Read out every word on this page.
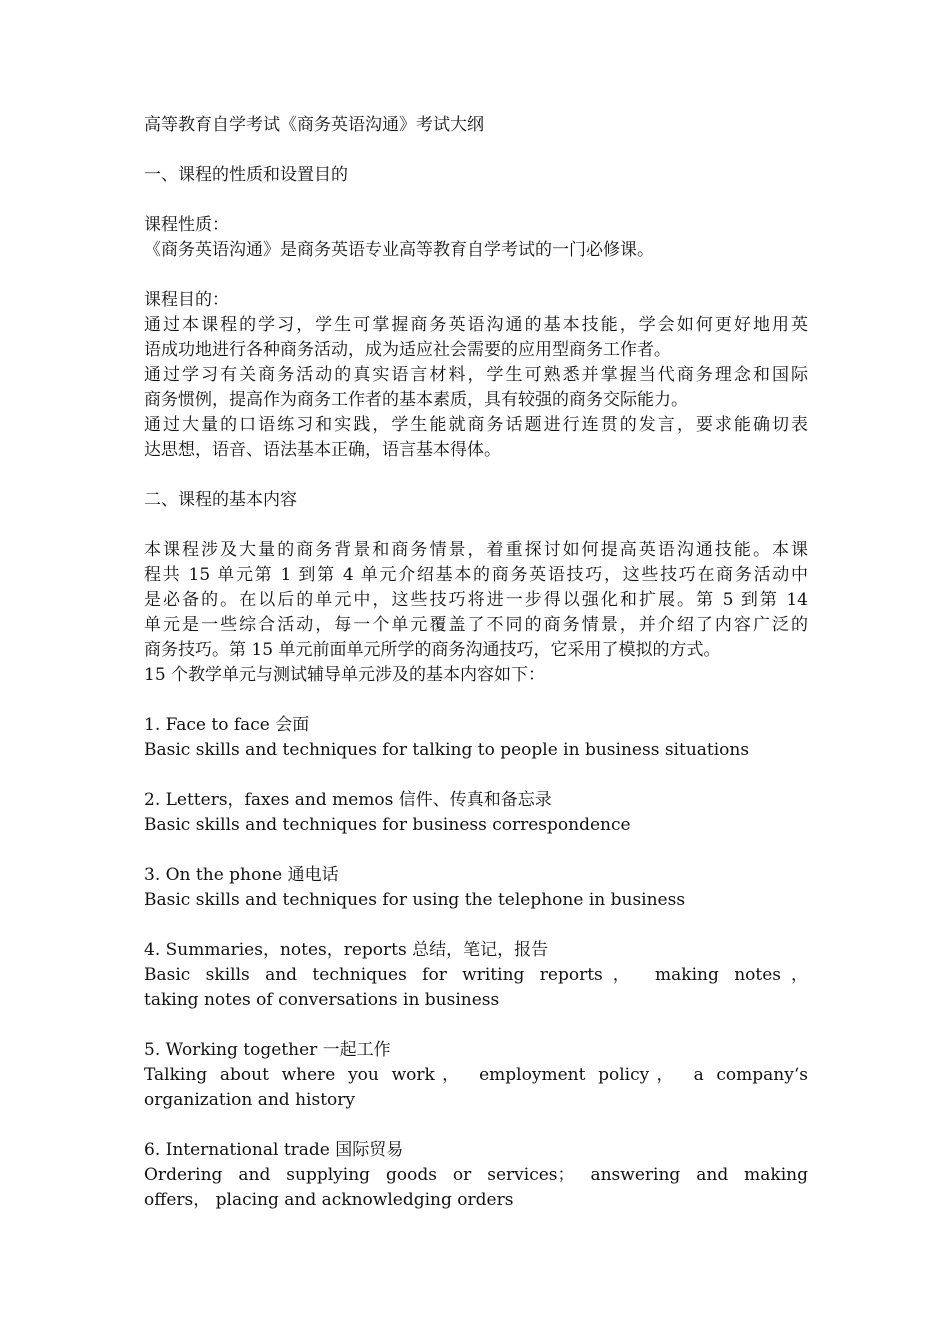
高等教育自学考试《商务英语沟通》考试大纲
一、课程的性质和设置目的
课程性质：
《商务英语沟通》是商务英语专业高等教育自学考试的一门必修课。
课程目的：
通过本课程的学习，学生可掌握商务英语沟通的基本技能，学会如何更好地用英
语成功地进行各种商务活动，成为适应社会需要的应用型商务工作者。
通过学习有关商务活动的真实语言材料，学生可熟悉并掌握当代商务理念和国际
商务惯例，提高作为商务工作者的基本素质，具有较强的商务交际能力。
通过大量的口语练习和实践，学生能就商务话题进行连贯的发言，要求能确切表
达思想，语音、语法基本正确，语言基本得体。
二、课程的基本内容
本课程涉及大量的商务背景和商务情景，着重探讨如何提高英语沟通技能。本课
程共 15 单元第 1 到第 4 单元介绍基本的商务英语技巧，这些技巧在商务活动中
是必备的。在以后的单元中，这些技巧将进一步得以强化和扩展。第 5 到第 14
单元是一些综合活动，每一个单元覆盖了不同的商务情景，并介绍了内容广泛的
商务技巧。第 15 单元前面单元所学的商务沟通技巧，它采用了模拟的方式。
15 个教学单元与测试辅导单元涉及的基本内容如下：
1. Face to face 会面
Basic skills and techniques for talking to people in business situations
2. Letters，faxes and memos 信件、传真和备忘录
Basic skills and techniques for business correspondence
3. On the phone 通电话
Basic skills and techniques for using the telephone in business
4. Summaries，notes，reports 总结，笔记，报告
Basic skills and techniques for writing reports， making notes，
taking notes of conversations in business
5. Working together 一起工作
Talking about where you work， employment policy， a company‘s
organization and history
6. International trade 国际贸易
Ordering and supplying goods or services； answering and making
offers， placing and acknowledging orders
